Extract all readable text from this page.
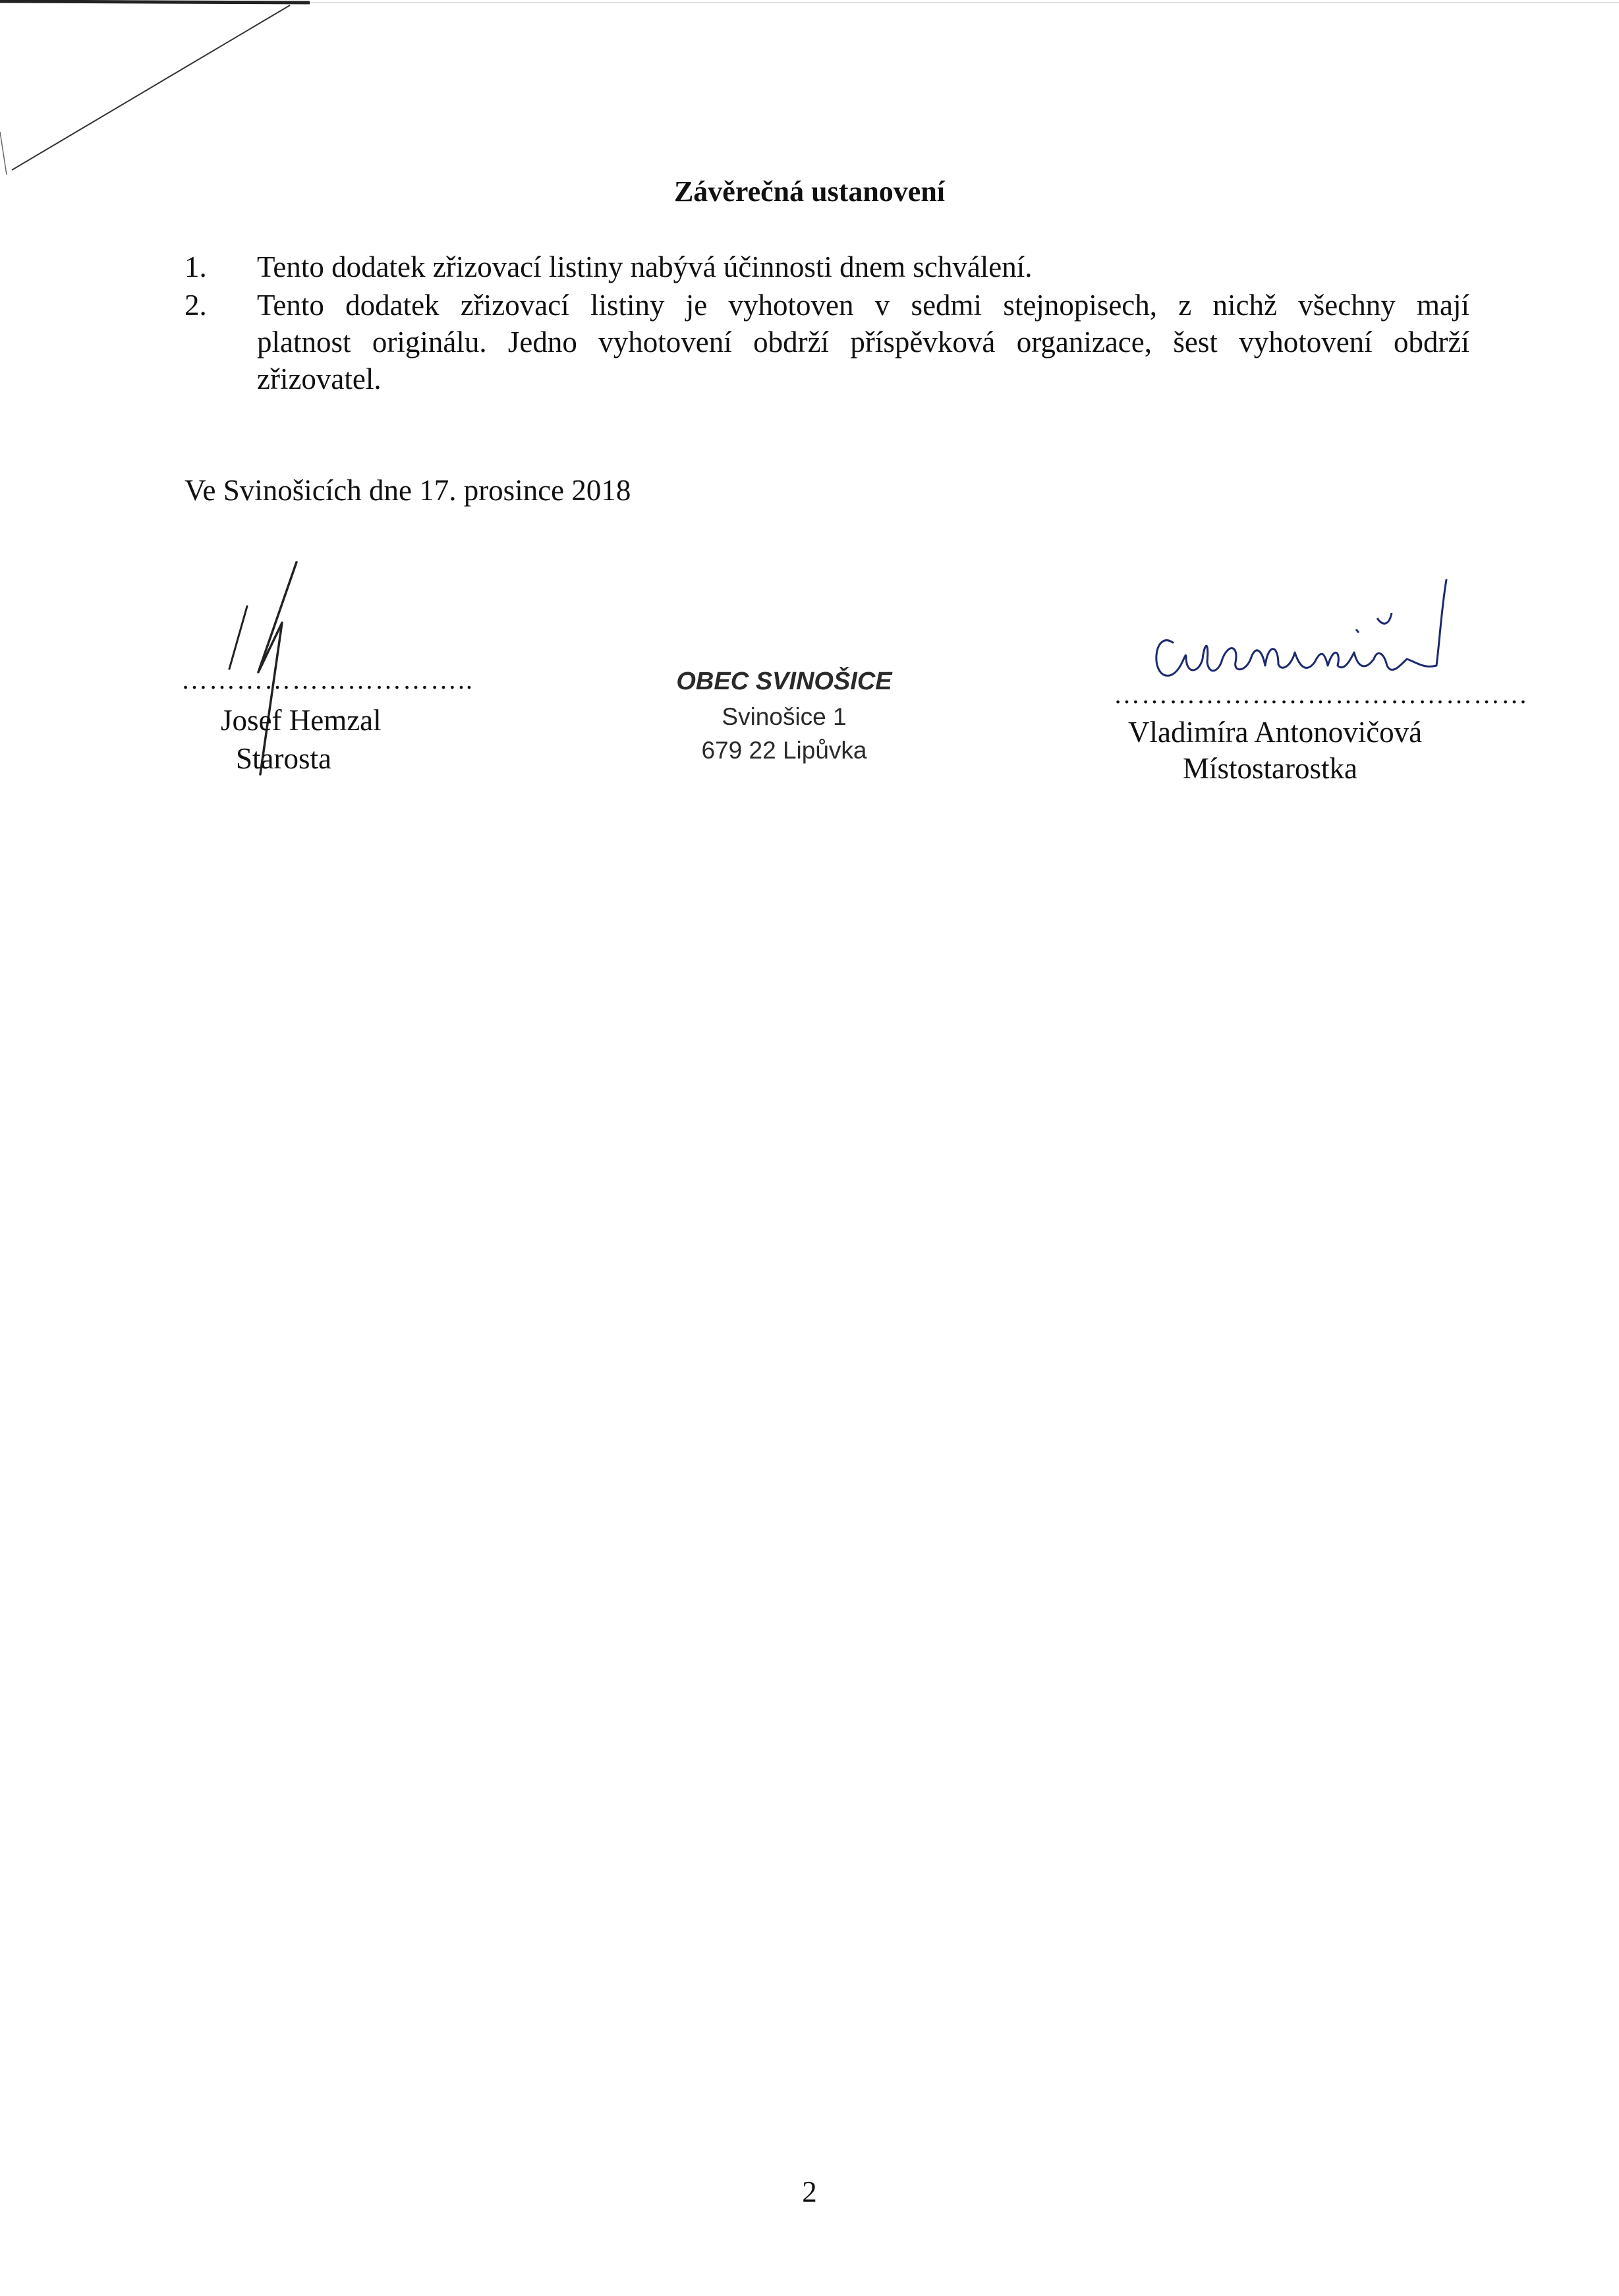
Závěrečná ustanovení
1. Tento dodatek zřizovací listiny nabývá účinnosti dnem schválení.
2. Tento dodatek zřizovací listiny je vyhotoven v sedmi stejnopisech, z nichž všechny mají
platnost originálu. Jedno vyhotovení obdrží příspěvková organizace, šest vyhotovení obdrží
zřizovatel.
Ve Svinošicích dne 17. prosince 2018
…………………………..
Josef Hemzal
Starosta
OBEC SVINOŠICE
Svinošice 1
679 22 Lipůvka
………………………………………
Vladimíra Antonovičová
Místostarostka
2
